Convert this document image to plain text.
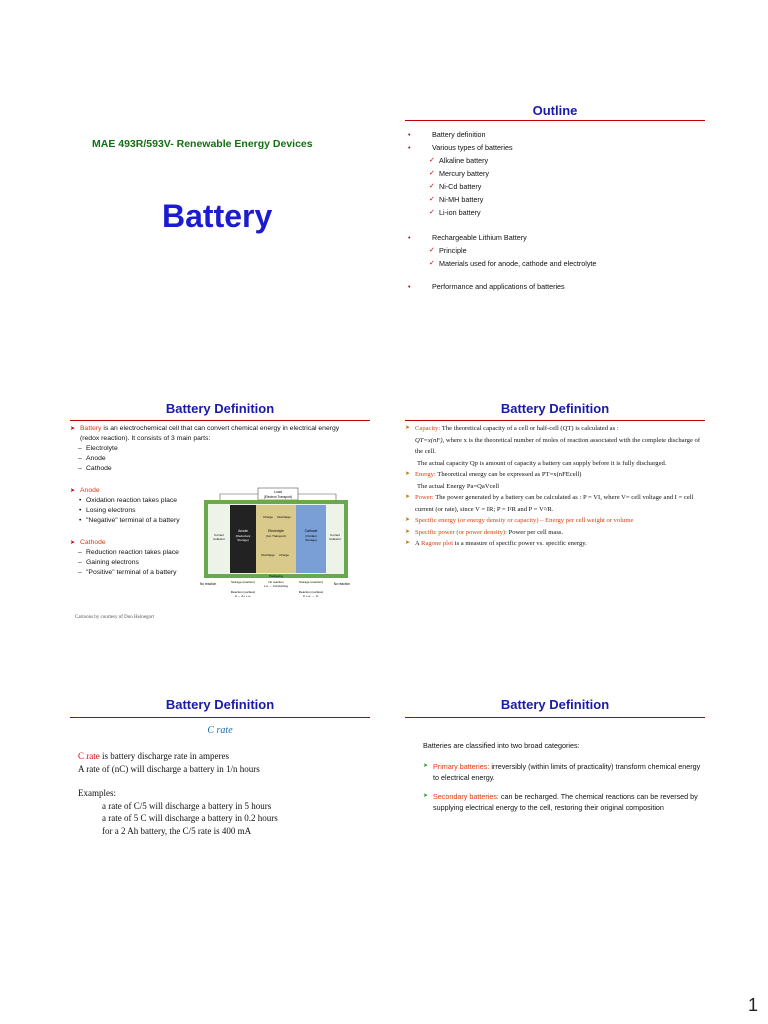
MAE 493R/593V- Renewable Energy Devices
Battery
Outline
• Battery definition
• Various types of batteries
✓ Alkaline battery
✓ Mercury battery
✓ Ni-Cd battery
✓ Ni-MH battery
✓ Li-ion battery
• Rechargeable Lithium Battery
✓ Principle
✓ Materials used for anode, cathode and electrolyte
• Performance and applications of batteries
Battery Definition
➤ Battery is an electrochemical cell that can convert chemical energy in electrical energy (redox reaction). It consists of 3 main parts:
– Electrolyte
– Anode
– Cathode
➤ Anode
• Oxidation reaction takes place
• Losing electrons
• "Negative" terminal of a battery
➤ Cathode
– Reduction reaction takes place
– Gaining electrons
– "Positive" terminal of a battery
Load
(Electron Transport)
Anode
(Reductant
Storage)
Electrolyte
(Ion Transport)
Charge Discharge
Discharge Charge
Cathode
(Oxidant
Storage)
Current
Collector
Current
Collector
Packaging
No reaction	No reaction
Storage (reaction)	No reaction
Li+ ↔ Conducting
Storage (reaction)
Reaction (surface)
A ↔ A+ + e-
Reaction (surface)
C + e- ↔ C-
Rechargeable
Cartoons by courtesy of Don Heinegort
Battery Definition
➤ Capacity: The theoretical capacity of a cell or half-cell (QT) is calculated as :
QT=x(nF), where x is the theoretical number of moles of reaction associated with the complete discharge of the cell.
The actual capacity Qp is amount of capacity a battery can supply before it is fully discharged.
➤ Energy: Theoretical energy can be expressed as PT=x(nFEcell)
The actual Energy Pa=QaVcell
➤ Power: The power generated by a battery can be calculated as : P = VI, where V= cell voltage and I = cell current (or rate), since V = IR; P = I²R and P = V²/R.
➤ Specific energy (or energy density or capacity) – Energy per cell weight or volume
➤ Specific power (or power density): Power per cell mass.
➤ A Ragone plot is a measure of specific power vs. specific energy.
Battery Definition
C rate
C rate is battery discharge rate in amperes
A rate of (nC) will discharge a battery in 1/n hours
Examples:
a rate of C/5 will discharge a battery in 5 hours
a rate of 5 C will discharge a battery in 0.2 hours
for a 2 Ah battery, the C/5 rate is 400 mA
Battery Definition
Batteries are classified into two broad categories:
➤ Primary batteries: irreversibly (within limits of practicality) transform chemical energy to electrical energy.
➤ Secondary batteries: can be recharged. The chemical reactions can be reversed by supplying electrical energy to the cell, restoring their original composition
1
